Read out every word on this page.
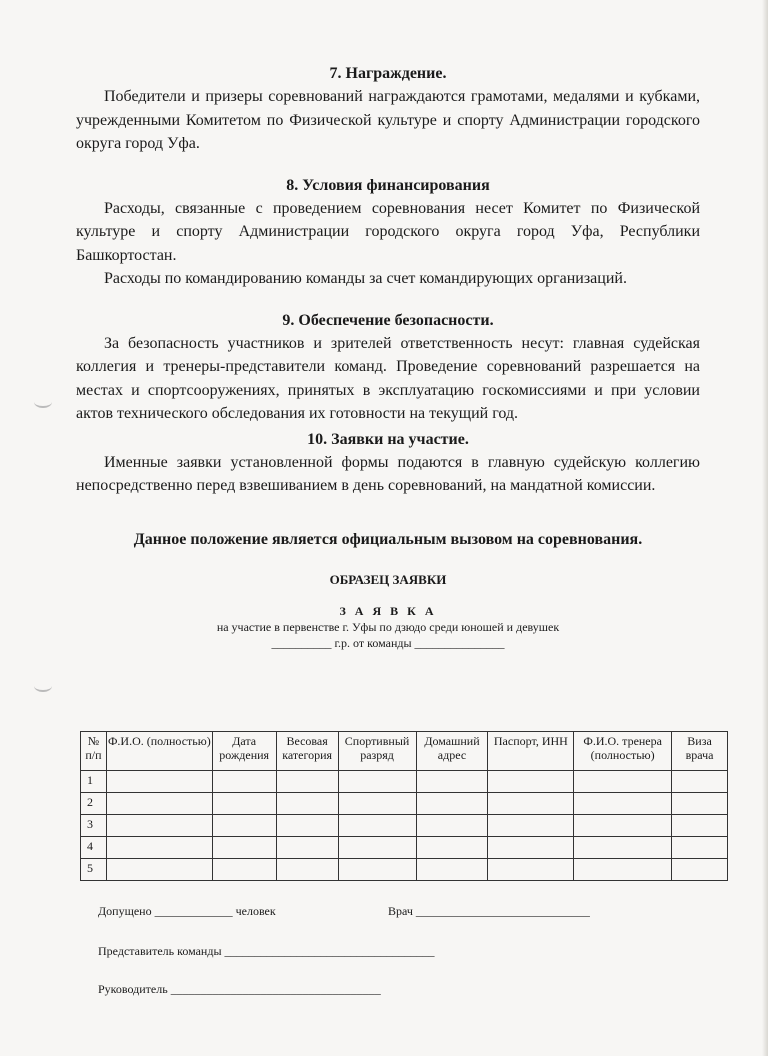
7. Награждение.

Победители и призеры соревнований награждаются грамотами, медалями и кубками, учрежденными Комитетом по Физической культуре и спорту Администрации городского округа город Уфа.

8. Условия финансирования

Расходы, связанные с проведением соревнования несет Комитет по Физической культуре и спорту Администрации городского округа город Уфа, Республики Башкортостан.

Расходы по командированию команды за счет командирующих организаций.

9. Обеспечение безопасности.

За безопасность участников и зрителей ответственность несут: главная судейская коллегия и тренеры-представители команд. Проведение соревнований разрешается на местах и спортсооружениях, принятых в эксплуатацию госкомиссиями и при условии актов технического обследования их готовности на текущий год.

10. Заявки на участие.

Именные заявки установленной формы подаются в главную судейскую коллегию непосредственно перед взвешиванием в день соревнований, на мандатной комиссии.

Данное положение является официальным вызовом на соревнования.
ОБРАЗЕЦ ЗАЯВКИ
З А Я В К А
на участие в первенстве г. Уфы по дзюдо среди юношей и девушек
__________ г.р. от команды _______________
№ п/п	Ф.И.О. (полностью)	Дата рождения	Весовая категория	Спортивный разряд	Домашний адрес	Паспорт, ИНН	Ф.И.О. тренера (полностью)	Виза врача
1								
2								
3								
4								
5								
Допущено _____________ человек	Врач _____________________________
Представитель команды ___________________________________
Руководитель ___________________________________
